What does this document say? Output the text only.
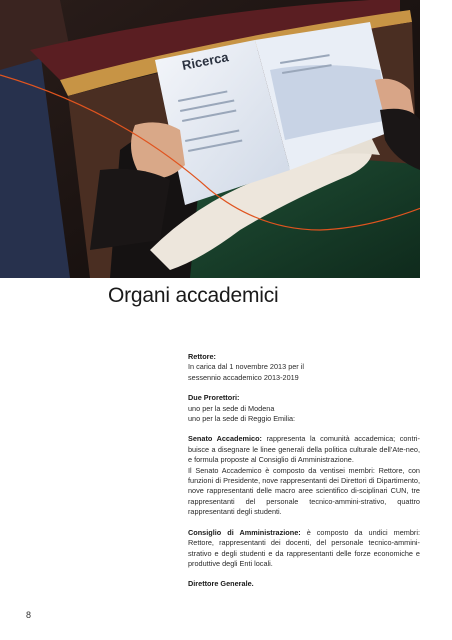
Ricerca
Organi accademici
Rettore:
In carica dal 1 novembre 2013 per il
sessennio accademico 2013-2019
Due Prorettori:
uno per la sede di Modena
uno per la sede di Reggio Emilia:
Senato Accademico: rappresenta la comunità accademica; contri-buisce a disegnare le linee generali della politica culturale dell’Ate-neo, e formula proposte al Consiglio di Amministrazione.
Il Senato Accademico è composto da ventisei membri: Rettore, con funzioni di Presidente, nove rappresentanti dei Direttori di Dipartimento, nove rappresentanti delle macro aree scientifico di-sciplinari CUN, tre rappresentanti del personale tecnico-ammini-strativo, quattro rappresentanti degli studenti.
Consiglio di Amministrazione: è composto da undici membri: Rettore, rappresentanti dei docenti, del personale tecnico-ammini-strativo e degli studenti e da rappresentanti delle forze economiche e produttive degli Enti locali.
Direttore Generale.
8
